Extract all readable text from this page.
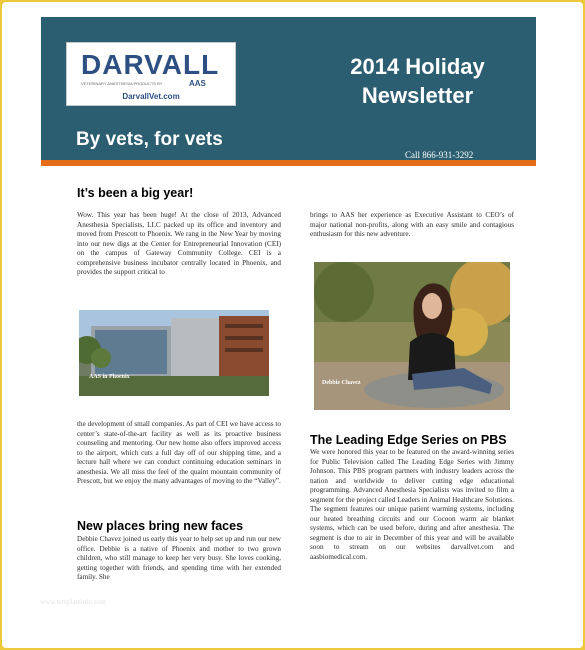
DARVALL
VETERINARY ANESTHESIA PRODUCTS BY	AAS
DarvallVet.com
2014 Holiday
Newsletter
By vets, for vets
Call 866-931-3292
It’s been a big year!

Wow. This year has been huge! At the close of 2013, Advanced Anesthesia Specialists, LLC packed up its office and inventory and moved from Prescott to Phoenix. We rang in the New Year by moving into our new digs at the Center for Entrepreneurial Innovation (CEI) on the campus of Gateway Community College. CEI is a comprehensive business incubator centrally located in Phoenix, and provides the support critical to

AAS in Phoenix

the development of small companies. As part of CEI we have access to center’s state-of-the-art facility as well as its proactive business counseling and mentoring. Our new home also offers improved access to the airport, which cuts a full day off of our shipping time, and a lecture hall where we can conduct continuing education seminars in anesthesia. We all miss the feel of the quaint mountain community of Prescott, but we enjoy the many advantages of moving to the “Valley”.

New places bring new faces

Debbie Chavez joined us early this year to help set up and run our new office. Debbie is a native of Phoenix and mother to two grown children, who still manage to keep her very busy. She loves cooking, getting together with friends, and spending time with her extended family. She

brings to AAS her experience as Executive Assistant to CEO’s of major national non-profits, along with an easy smile and contagious enthusiasm for this new adventure.

Debbie Chavez
The Leading Edge Series on PBS

We were honored this year to be featured on the award-winning series for Public Television called The Leading Edge Series with Jimmy Johnson. This PBS program partners with industry leaders across the nation and worldwide to deliver cutting edge educational programming. Advanced Anesthesia Specialists was invited to film a segment for the project called Leaders in Animal Healthcare Solutions. The segment features our unique patient warming systems, including our heated breathing circuits and our Cocoon warm air blanket systems, which can be used before, during and after anesthesia. The segment is due to air in December of this year and will be available soon to stream on our websites darvallvet.com and aasbiomedical.com.

www.templateinfo.com
